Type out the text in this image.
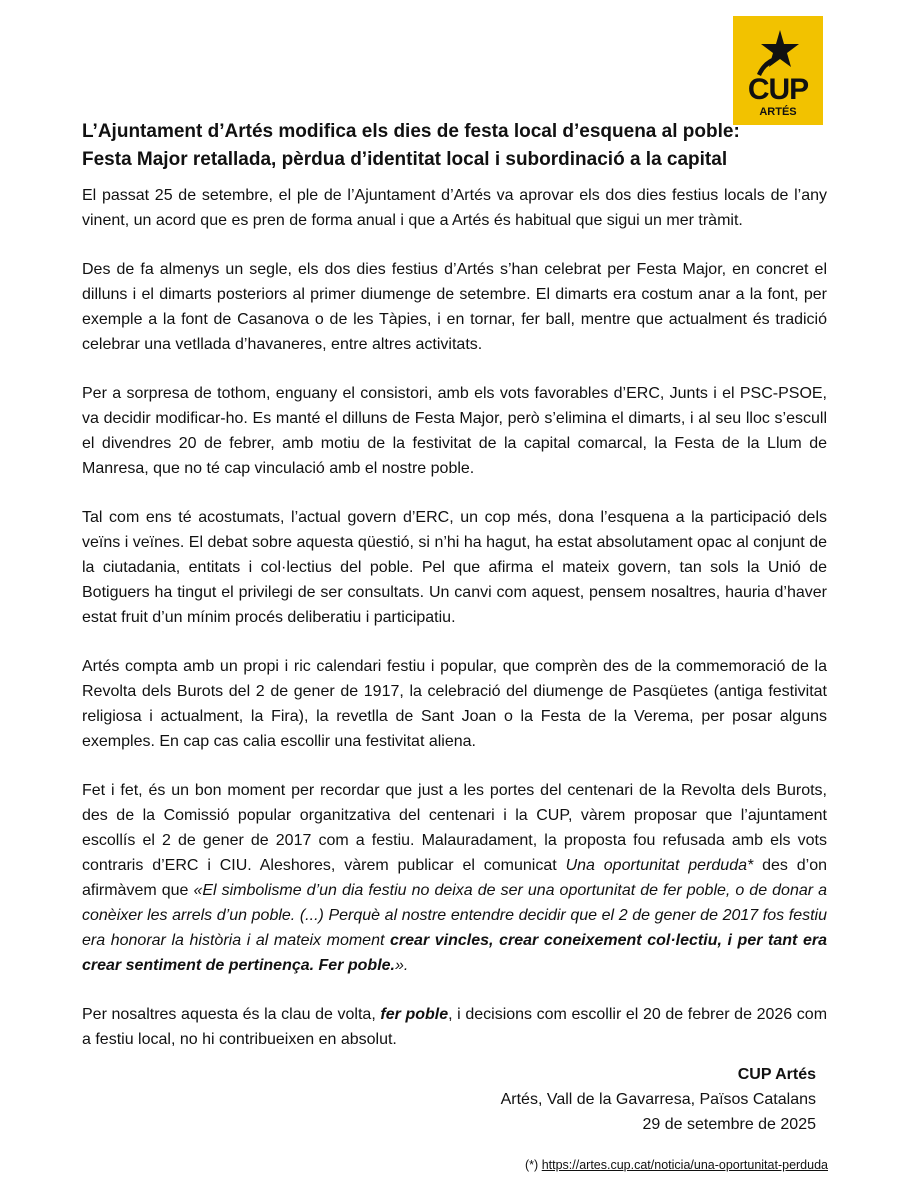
CUP
ARTÉS
L’Ajuntament d’Artés modifica els dies de festa local d’esquena al poble:
Festa Major retallada, pèrdua d’identitat local i subordinació a la capital

El passat 25 de setembre, el ple de l’Ajuntament d’Artés va aprovar els dos dies festius locals de l’any vinent, un acord que es pren de forma anual i que a Artés és habitual que sigui un mer tràmit.

Des de fa almenys un segle, els dos dies festius d’Artés s’han celebrat per Festa Major, en concret el dilluns i el dimarts posteriors al primer diumenge de setembre. El dimarts era costum anar a la font, per exemple a la font de Casanova o de les Tàpies, i en tornar, fer ball, mentre que actualment és tradició celebrar una vetllada d’havaneres, entre altres activitats.

Per a sorpresa de tothom, enguany el consistori, amb els vots favorables d’ERC, Junts i el PSC-PSOE, va decidir modificar-ho. Es manté el dilluns de Festa Major, però s’elimina el dimarts, i al seu lloc s’escull el divendres 20 de febrer, amb motiu de la festivitat de la capital comarcal, la Festa de la Llum de Manresa, que no té cap vinculació amb el nostre poble.

Tal com ens té acostumats, l’actual govern d’ERC, un cop més, dona l’esquena a la participació dels veïns i veïnes. El debat sobre aquesta qüestió, si n’hi ha hagut, ha estat absolutament opac al conjunt de la ciutadania, entitats i col·lectius del poble. Pel que afirma el mateix govern, tan sols la Unió de Botiguers ha tingut el privilegi de ser consultats. Un canvi com aquest, pensem nosaltres, hauria d’haver estat fruit d’un mínim procés deliberatiu i participatiu.

Artés compta amb un propi i ric calendari festiu i popular, que comprèn des de la commemoració de la Revolta dels Burots del 2 de gener de 1917, la celebració del diumenge de Pasqüetes (antiga festivitat religiosa i actualment, la Fira), la revetlla de Sant Joan o la Festa de la Verema, per posar alguns exemples. En cap cas calia escollir una festivitat aliena.

Fet i fet, és un bon moment per recordar que just a les portes del centenari de la Revolta dels Burots, des de la Comissió popular organitzativa del centenari i la CUP, vàrem proposar que l’ajuntament escollís el 2 de gener de 2017 com a festiu. Malauradament, la proposta fou refusada amb els vots contraris d’ERC i CIU. Aleshores, vàrem publicar el comunicat Una oportunitat perduda* des d’on afirmàvem que «El simbolisme d’un dia festiu no deixa de ser una oportunitat de fer poble, o de donar a conèixer les arrels d’un poble. (...) Perquè al nostre entendre decidir que el 2 de gener de 2017 fos festiu era honorar la història i al mateix moment crear vincles, crear coneixement col·lectiu, i per tant era crear sentiment de pertinença. Fer poble.».

Per nosaltres aquesta és la clau de volta, fer poble, i decisions com escollir el 20 de febrer de 2026 com a festiu local, no hi contribueixen en absolut.

CUP Artés
Artés, Vall de la Gavarresa, Països Catalans
29 de setembre de 2025
(*) https://artes.cup.cat/noticia/una-oportunitat-perduda
